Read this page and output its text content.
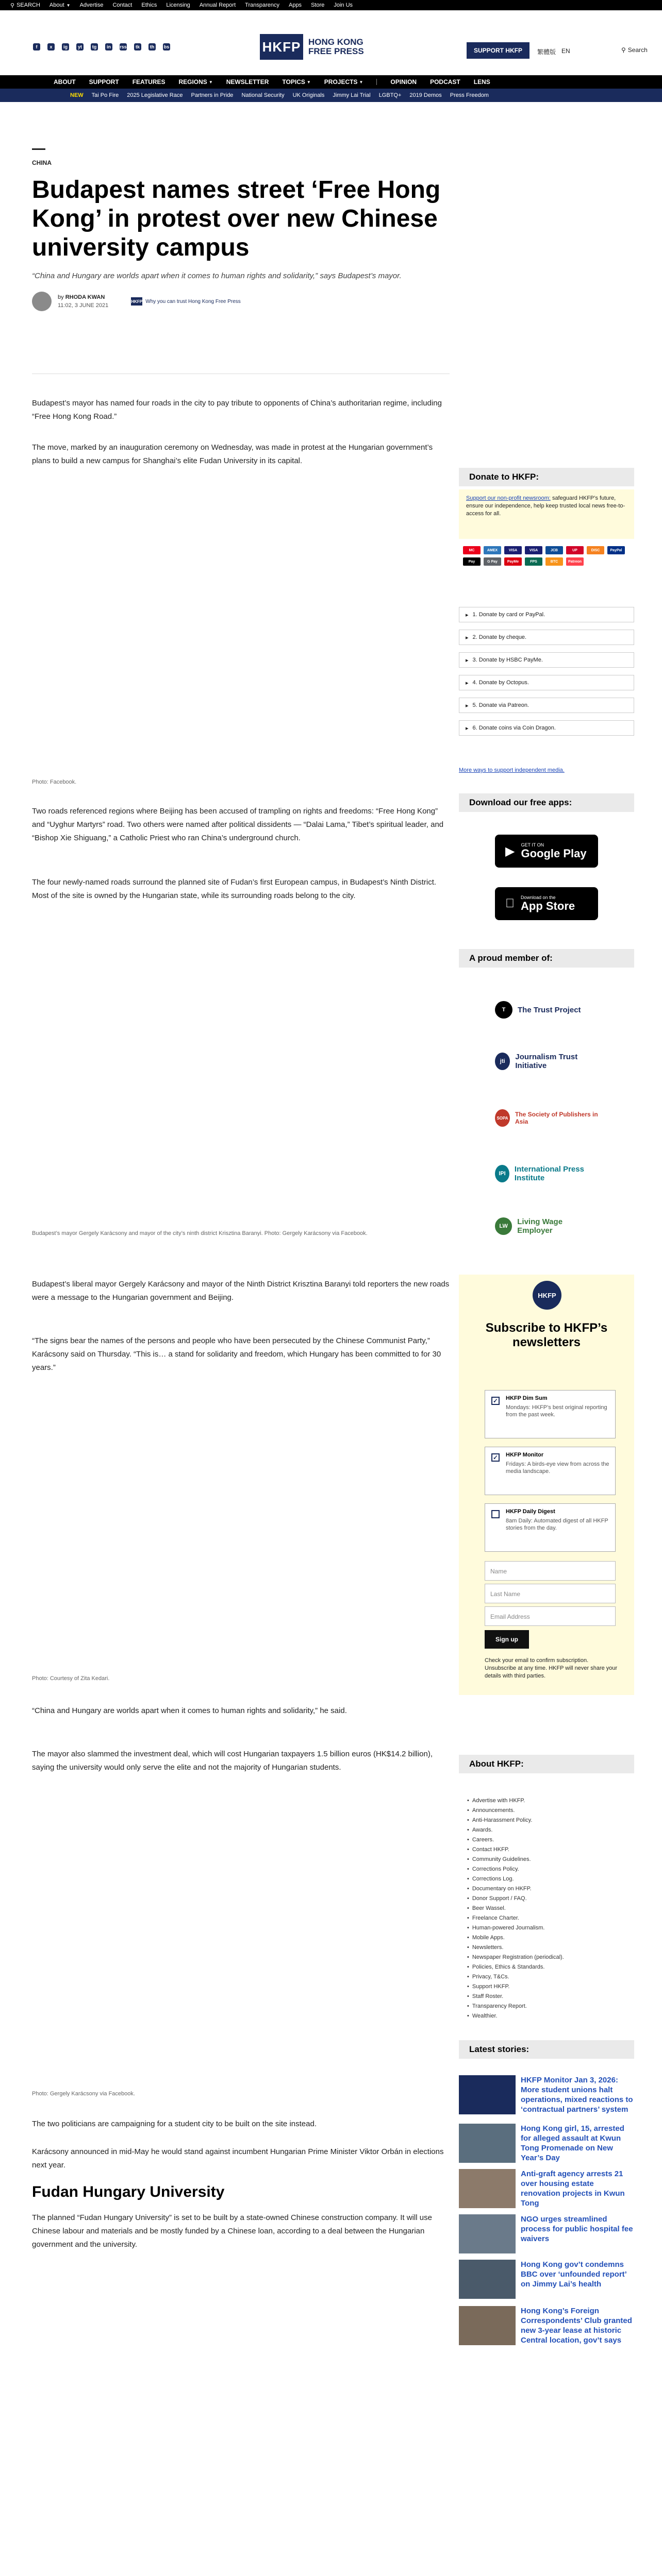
⚲ SEARCH About ▼ Advertise Contact Ethics Licensing Annual Report Transparency Apps Store Join Us
f	x	ig	yt	tg	in	rss	tk	th	bs	HKFP HONG KONG
FREE PRESS	SUPPORT HKFP	繁體版 EN	⚲ Search
ABOUT SUPPORT FEATURES REGIONS ▼ NEWSLETTER TOPICS ▼ PROJECTS ▼	OPINION PODCAST LENS
NEW Tai Po Fire 2025 Legislative Race Partners in Pride National Security UK Originals Jimmy Lai Trial LGBTQ+ 2019 Demos Press Freedom
CHINA
Budapest names street ‘Free Hong Kong’ in protest over new Chinese university campus

“China and Hungary are worlds apart when it comes to human rights and solidarity,” says Budapest’s mayor.

by RHODA KWAN
11:02, 3 JUNE 2021
HKFP Why you can trust Hong Kong Free Press

Budapest’s mayor has named four roads in the city to pay tribute to opponents of China’s authoritarian regime, including “Free Hong Kong Road.”

The move, marked by an inauguration ceremony on Wednesday, was made in protest at the Hungarian government’s plans to build a new campus for Shanghai’s elite Fudan University in its capital.

Photo: Facebook.

Two roads referenced regions where Beijing has been accused of trampling on rights and freedoms: “Free Hong Kong” and “Uyghur Martyrs” road. Two others were named after political dissidents — “Dalai Lama,” Tibet’s spiritual leader, and “Bishop Xie Shiguang,” a Catholic Priest who ran China’s underground church.

The four newly-named roads surround the planned site of Fudan’s first European campus, in Budapest’s Ninth District. Most of the site is owned by the Hungarian state, while its surrounding roads belong to the city.

Budapest’s mayor Gergely Karácsony and mayor of the city’s ninth district Krisztina Baranyi. Photo: Gergely Karácsony via Facebook.

Budapest’s liberal mayor Gergely Karácsony and mayor of the Ninth District Krisztina Baranyi told reporters the new roads were a message to the Hungarian government and Beijing.

“The signs bear the names of the persons and people who have been persecuted by the Chinese Communist Party,” Karácsony said on Thursday. “This is… a stand for solidarity and freedom, which Hungary has been committed to for 30 years.”

Photo: Courtesy of Zita Kedari.

“China and Hungary are worlds apart when it comes to human rights and solidarity,” he said.

The mayor also slammed the investment deal, which will cost Hungarian taxpayers 1.5 billion euros (HK$14.2 billion), saying the university would only serve the elite and not the majority of Hungarian students.

Photo: Gergely Karácsony via Facebook.

The two politicians are campaigning for a student city to be built on the site instead.

Karácsony announced in mid-May he would stand against incumbent Hungarian Prime Minister Viktor Orbán in elections next year.

Fudan Hungary University

The planned “Fudan Hungary University” is set to be built by a state-owned Chinese construction company. It will use Chinese labour and materials and be mostly funded by a Chinese loan, according to a deal between the Hungarian government and the university.

Donate to HKFP:
Support our non-profit newsroom: safeguard HKFP’s future, ensure our independence, help keep trusted local news free-to-access for all.
MC	AMEX	VISA	VISA	JCB	UP	DISC	PayPal
Pay	G Pay	PayMe	FPS	BTC	Patreon
▸ 1. Donate by card or PayPal.
▸ 2. Donate by cheque.
▸ 3. Donate by HSBC PayMe.
▸ 4. Donate by Octopus.
▸ 5. Donate via Patreon.
▸ 6. Donate coins via Coin Dragon.
More ways to support independent media.
Download our free apps:
▶ GET IT ON
Google Play
Download on the
App Store
A proud member of:
T	The Trust Project
jti	Journalism Trust Initiative
SOPA The Society of Publishers in Asia
IPI	International Press Institute
LW	Living Wage Employer
HKFP
Subscribe to HKFP’s newsletters
✓ HKFP Dim Sum
Mondays: HKFP’s best original reporting from the past week.
✓ HKFP Monitor
Fridays: A birds-eye view from across the media landscape.
HKFP Daily Digest
8am Daily: Automated digest of all HKFP stories from the day.
Name
Last Name
Email Address
Sign up
Check your email to confirm subscription. Unsubscribe at any time. HKFP will never share your details with third parties.
About HKFP:
• Advertise with HKFP.
• Announcements.
• Anti-Harassment Policy.
• Awards.
• Careers.
• Contact HKFP.
• Community Guidelines.
• Corrections Policy.
• Corrections Log.
• Documentary on HKFP.
• Donor Support / FAQ.
• Beer Wassel.
• Freelance Charter.
• Human-powered Journalism.
• Mobile Apps.
• Newsletters.
• Newspaper Registration (periodical).
• Policies, Ethics & Standards.
• Privacy, T&Cs.
• Support HKFP.
• Staff Roster.
• Transparency Report.
• Wealthier.
Latest stories:
HKFP Monitor Jan 3, 2026: More student unions halt operations, mixed reactions to ‘contractual partners’ system
Hong Kong girl, 15, arrested for alleged assault at Kwun Tong Promenade on New Year’s Day
Anti-graft agency arrests 21 over housing estate renovation projects in Kwun Tong
NGO urges streamlined process for public hospital fee waivers
Hong Kong gov’t condemns BBC over ‘unfounded report’ on Jimmy Lai’s health
Hong Kong’s Foreign Correspondents’ Club granted new 3-year lease at historic Central location, gov’t says
